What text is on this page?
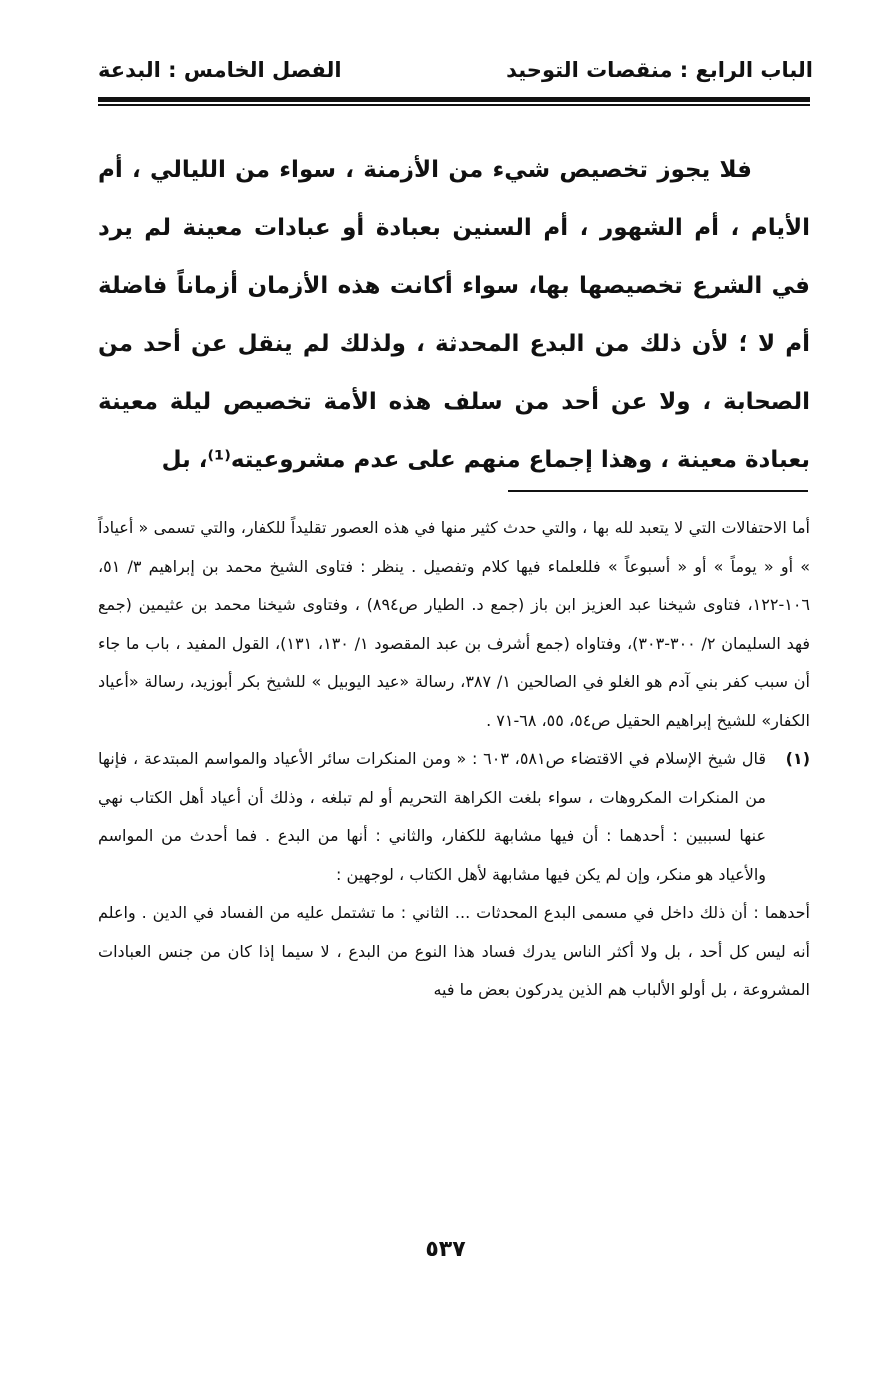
الباب الرابع : منقصات التوحيد
الفصل الخامس : البدعة

فلا يجوز تخصيص شيء من الأزمنة ، سواء من الليالي ، أم الأيام ، أم الشهور ، أم السنين بعبادة أو عبادات معينة لم يرد في الشرع تخصيصها بها، سواء أكانت هذه الأزمان أزماناً فاضلة أم لا ؛ لأن ذلك من البدع المحدثة ، ولذلك لم ينقل عن أحد من الصحابة ، ولا عن أحد من سلف هذه الأمة تخصيص ليلة معينة بعبادة معينة ، وهذا إجماع منهم على عدم مشروعيته⁽¹⁾، بل

أما الاحتفالات التي لا يتعبد لله بها ، والتي حدث كثير منها في هذه العصور تقليداً للكفار، والتي تسمى « أعياداً » أو « يوماً » أو « أسبوعاً » فللعلماء فيها كلام وتفصيل . ينظر : فتاوى الشيخ محمد بن إبراهيم ٣/ ٥١، ١٠٦-١٢٢، فتاوى شيخنا عبد العزيز ابن باز (جمع د. الطيار ص٨٩٤) ، وفتاوى شيخنا محمد بن عثيمين (جمع فهد السليمان ٢/ ٣٠٠-٣٠٣)، وفتاواه (جمع أشرف بن عبد المقصود ١/ ١٣٠، ١٣١)، القول المفيد ، باب ما جاء أن سبب كفر بني آدم هو الغلو في الصالحين ١/ ٣٨٧، رسالة «عيد اليوبيل » للشيخ بكر أبوزيد، رسالة «أعياد الكفار» للشيخ إبراهيم الحقيل ص٥٤، ٥٥، ٦٨-٧١ .

(١)

قال شيخ الإسلام في الاقتضاء ص٥٨١، ٦٠٣ : « ومن المنكرات سائر الأعياد والمواسم المبتدعة ، فإنها من المنكرات المكروهات ، سواء بلغت الكراهة التحريم أو لم تبلغه ، وذلك أن أعياد أهل الكتاب نهي عنها لسببين : أحدهما : أن فيها مشابهة للكفار، والثاني : أنها من البدع . فما أحدث من المواسم والأعياد هو منكر، وإن لم يكن فيها مشابهة لأهل الكتاب ، لوجهين :

أحدهما : أن ذلك داخل في مسمى البدع المحدثات ... الثاني : ما تشتمل عليه من الفساد في الدين . واعلم أنه ليس كل أحد ، بل ولا أكثر الناس يدرك فساد هذا النوع من البدع ، لا سيما إذا كان من جنس العبادات المشروعة ، بل أولو الألباب هم الذين يدركون بعض ما فيه

٥٣٧
